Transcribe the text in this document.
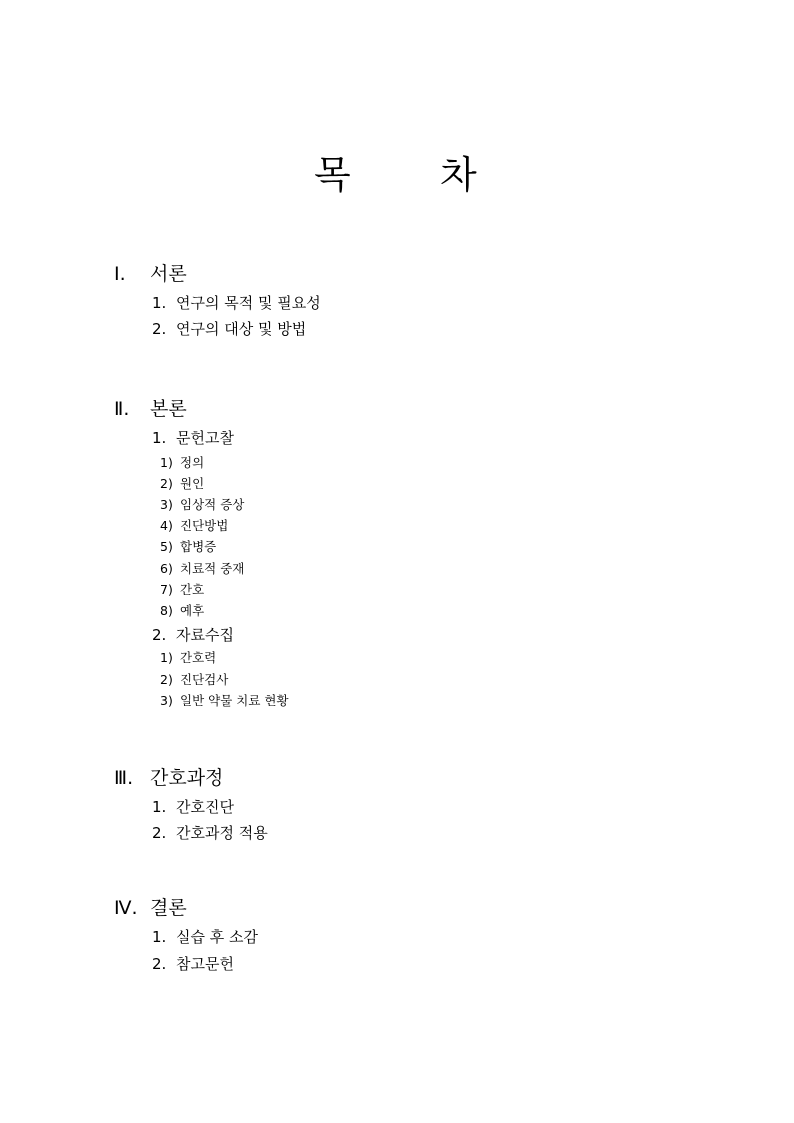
목 차
Ⅰ. 서론
1. 연구의 목적 및 필요성
2. 연구의 대상 및 방법
Ⅱ. 본론
1. 문헌고찰
1) 정의
2) 원인
3) 임상적 증상
4) 진단방법
5) 합병증
6) 치료적 중재
7) 간호
8) 예후
2. 자료수집
1) 간호력
2) 진단검사
3) 일반 약물 치료 현황
Ⅲ. 간호과정
1. 간호진단
2. 간호과정 적용
Ⅳ. 결론
1. 실습 후 소감
2. 참고문헌
